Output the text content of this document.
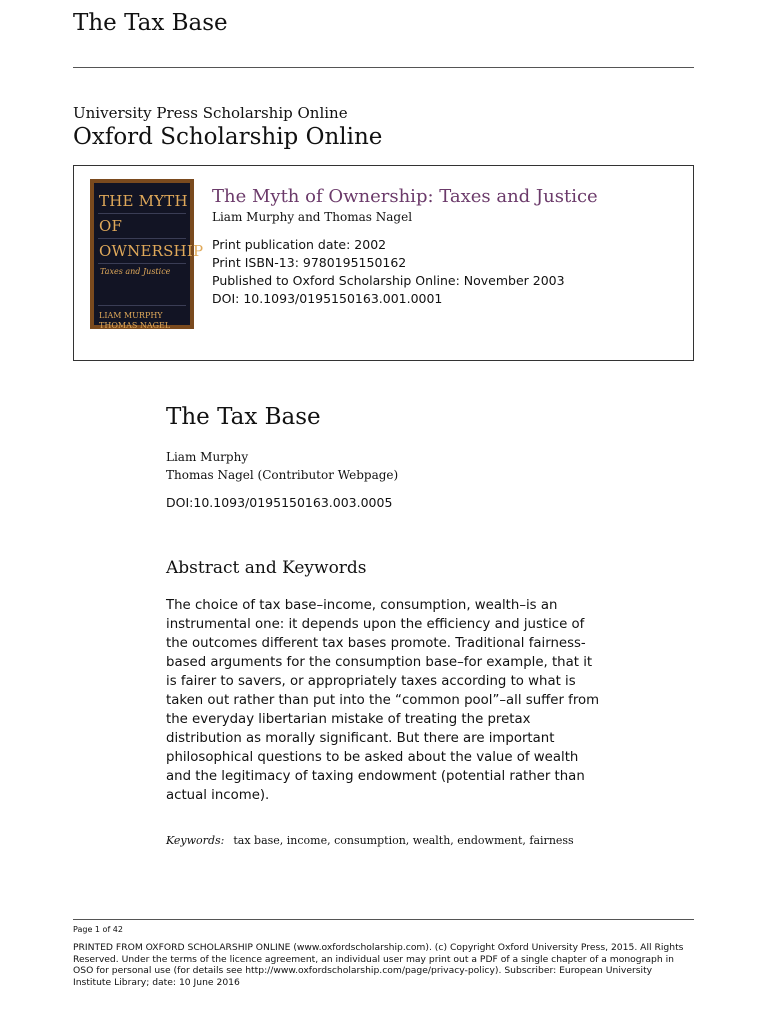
The Tax Base
University Press Scholarship Online
Oxford Scholarship Online
THE MYTH
OF
OWNERSHIP
Taxes and Justice
LIAM MURPHY
THOMAS NAGEL
The Myth of Ownership: Taxes and Justice
Liam Murphy and Thomas Nagel
Print publication date: 2002
Print ISBN-13: 9780195150162
Published to Oxford Scholarship Online: November 2003
DOI: 10.1093/0195150163.001.0001
The Tax Base
Liam Murphy
Thomas Nagel (Contributor Webpage)
DOI:10.1093/0195150163.003.0005
Abstract and Keywords

The choice of tax base–income, consumption, wealth–is an instrumental one: it depends upon the efficiency and justice of the outcomes different tax bases promote. Traditional fairness-based arguments for the consumption base–for example, that it is fairer to savers, or appropriately taxes according to what is taken out rather than put into the “common pool”–all suffer from the everyday libertarian mistake of treating the pretax distribution as morally significant. But there are important philosophical questions to be asked about the value of wealth and the legitimacy of taxing endowment (potential rather than actual income).

Keywords: tax base, income, consumption, wealth, endowment, fairness
Page 1 of 42

PRINTED FROM OXFORD SCHOLARSHIP ONLINE (www.oxfordscholarship.com). (c) Copyright Oxford University Press, 2015. All Rights Reserved. Under the terms of the licence agreement, an individual user may print out a PDF of a single chapter of a monograph in OSO for personal use (for details see http://www.oxfordscholarship.com/page/privacy-policy). Subscriber: European University Institute Library; date: 10 June 2016
